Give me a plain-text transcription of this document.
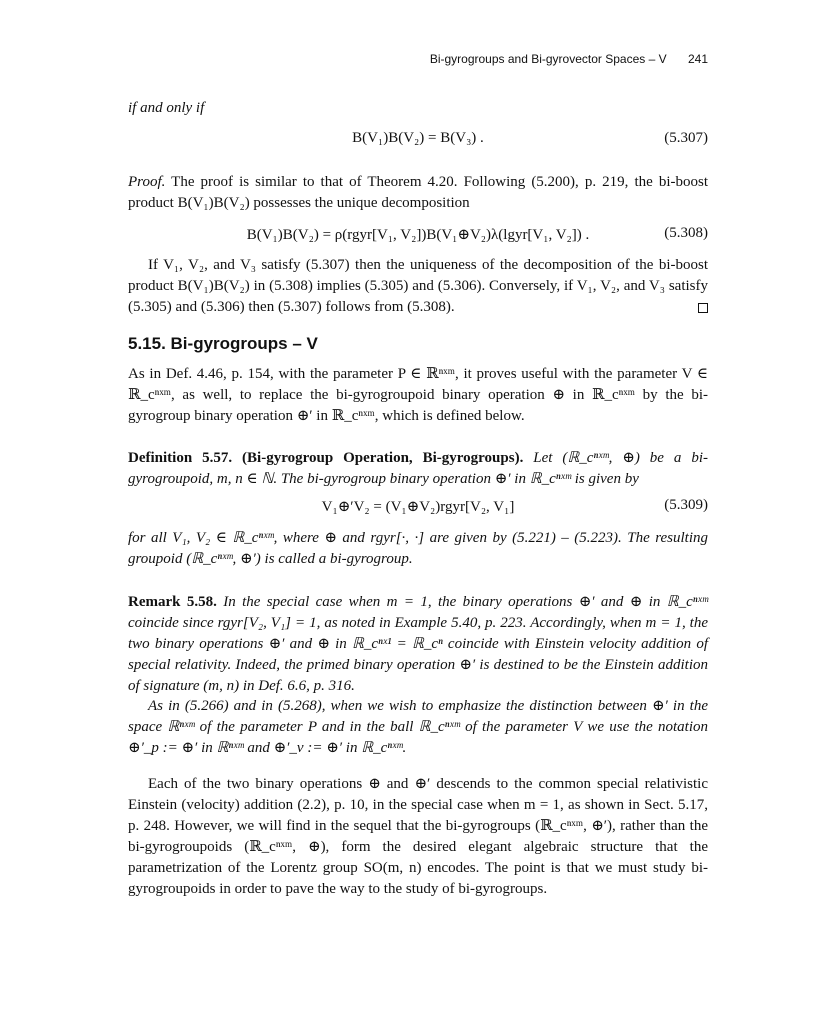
Bi-gyrogroups and Bi-gyrovector Spaces – V 241

if and only if

B(V₁)B(V₂) = B(V₃) .	(5.307)

Proof. The proof is similar to that of Theorem 4.20. Following (5.200), p. 219, the bi-boost product B(V₁)B(V₂) possesses the unique decomposition

B(V₁)B(V₂) = ρ(rgyr[V₁, V₂])B(V₁⊕V₂)λ(lgyr[V₁, V₂]) .	(5.308)

If V₁, V₂, and V₃ satisfy (5.307) then the uniqueness of the decomposition of the bi-boost product B(V₁)B(V₂) in (5.308) implies (5.305) and (5.306). Conversely, if V₁, V₂, and V₃ satisfy (5.305) and (5.306) then (5.307) follows from (5.308).

5.15. Bi-gyrogroups – V

As in Def. 4.46, p. 154, with the parameter P ∈ ℝⁿˣᵐ, it proves useful with the parameter V ∈ ℝ_cⁿˣᵐ, as well, to replace the bi-gyrogroupoid binary operation ⊕ in ℝ_cⁿˣᵐ by the bi-gyrogroup binary operation ⊕′ in ℝ_cⁿˣᵐ, which is defined below.

Definition 5.57. (Bi-gyrogroup Operation, Bi-gyrogroups). Let (ℝ_cⁿˣᵐ, ⊕) be a bi-gyrogroupoid, m, n ∈ ℕ. The bi-gyrogroup binary operation ⊕′ in ℝ_cⁿˣᵐ is given by

V₁⊕′V₂ = (V₁⊕V₂)rgyr[V₂, V₁]	(5.309)

for all V₁, V₂ ∈ ℝ_cⁿˣᵐ, where ⊕ and rgyr[·, ·] are given by (5.221) – (5.223). The resulting groupoid (ℝ_cⁿˣᵐ, ⊕′) is called a bi-gyrogroup.

Remark 5.58. In the special case when m = 1, the binary operations ⊕′ and ⊕ in ℝ_cⁿˣᵐ coincide since rgyr[V₂, V₁] = 1, as noted in Example 5.40, p. 223. Accordingly, when m = 1, the two binary operations ⊕′ and ⊕ in ℝ_cⁿˣ¹ = ℝ_cⁿ coincide with Einstein velocity addition of special relativity. Indeed, the primed binary operation ⊕′ is destined to be the Einstein addition of signature (m, n) in Def. 6.6, p. 316.

As in (5.266) and in (5.268), when we wish to emphasize the distinction between ⊕′ in the space ℝⁿˣᵐ of the parameter P and in the ball ℝ_cⁿˣᵐ of the parameter V we use the notation ⊕′_p := ⊕′ in ℝⁿˣᵐ and ⊕′_v := ⊕′ in ℝ_cⁿˣᵐ.

Each of the two binary operations ⊕ and ⊕′ descends to the common special relativistic Einstein (velocity) addition (2.2), p. 10, in the special case when m = 1, as shown in Sect. 5.17, p. 248. However, we will find in the sequel that the bi-gyrogroups (ℝ_cⁿˣᵐ, ⊕′), rather than the bi-gyrogroupoids (ℝ_cⁿˣᵐ, ⊕), form the desired elegant algebraic structure that the parametrization of the Lorentz group SO(m, n) encodes. The point is that we must study bi-gyrogroupoids in order to pave the way to the study of bi-gyrogroups.
